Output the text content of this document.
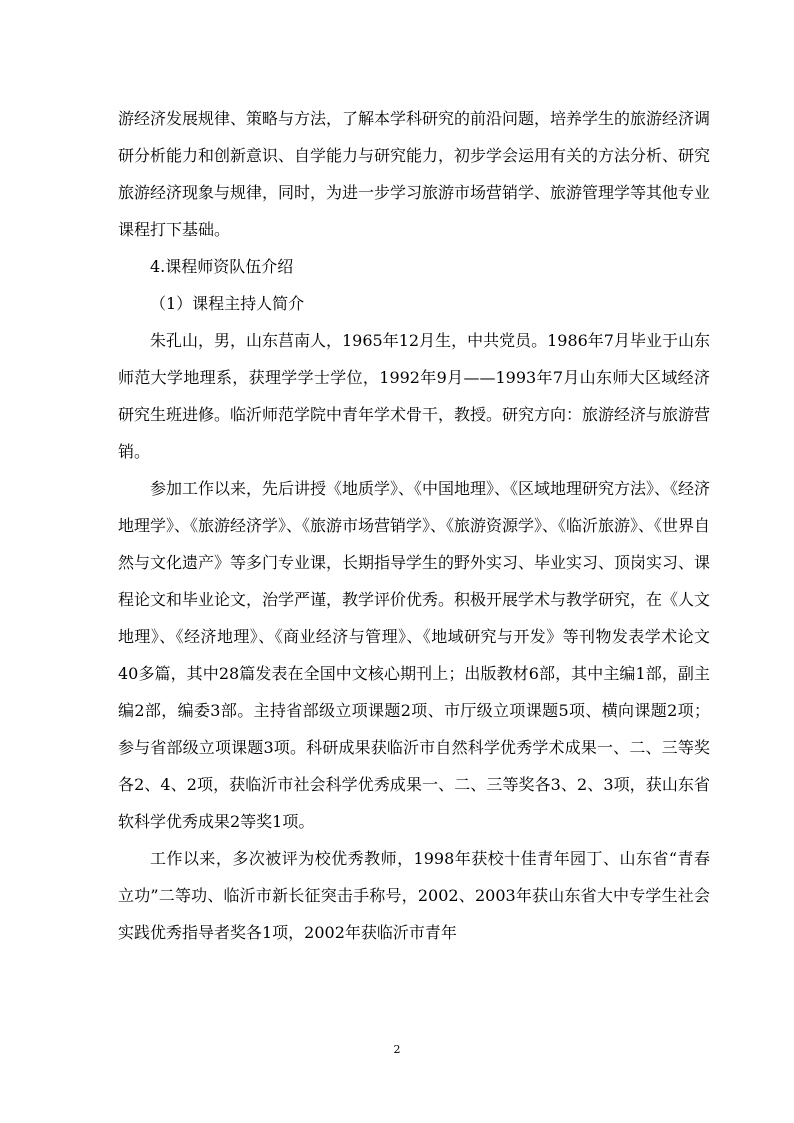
游经济发展规律、策略与方法，了解本学科研究的前沿问题，培养学生的旅游经济调研分析能力和创新意识、自学能力与研究能力，初步学会运用有关的方法分析、研究旅游经济现象与规律，同时，为进一步学习旅游市场营销学、旅游管理学等其他专业课程打下基础。

4.课程师资队伍介绍

（1）课程主持人简介

朱孔山，男，山东莒南人，1965年12月生，中共党员。1986年7月毕业于山东师范大学地理系，获理学学士学位，1992年9月——1993年7月山东师大区域经济研究生班进修。临沂师范学院中青年学术骨干，教授。研究方向：旅游经济与旅游营销。

参加工作以来，先后讲授《地质学》、《中国地理》、《区域地理研究方法》、《经济地理学》、《旅游经济学》、《旅游市场营销学》、《旅游资源学》、《临沂旅游》、《世界自然与文化遗产》等多门专业课，长期指导学生的野外实习、毕业实习、顶岗实习、课程论文和毕业论文，治学严谨，教学评价优秀。积极开展学术与教学研究，在《人文地理》、《经济地理》、《商业经济与管理》、《地域研究与开发》等刊物发表学术论文40多篇，其中28篇发表在全国中文核心期刊上；出版教材6部，其中主编1部，副主编2部，编委3部。主持省部级立项课题2项、市厅级立项课题5项、横向课题2项；参与省部级立项课题3项。科研成果获临沂市自然科学优秀学术成果一、二、三等奖各2、4、2项，获临沂市社会科学优秀成果一、二、三等奖各3、2、3项，获山东省软科学优秀成果2等奖1项。

工作以来，多次被评为校优秀教师，1998年获校十佳青年园丁、山东省“青春立功”二等功、临沂市新长征突击手称号，2002、2003年获山东省大中专学生社会实践优秀指导者奖各1项，2002年获临沂市青年

2
